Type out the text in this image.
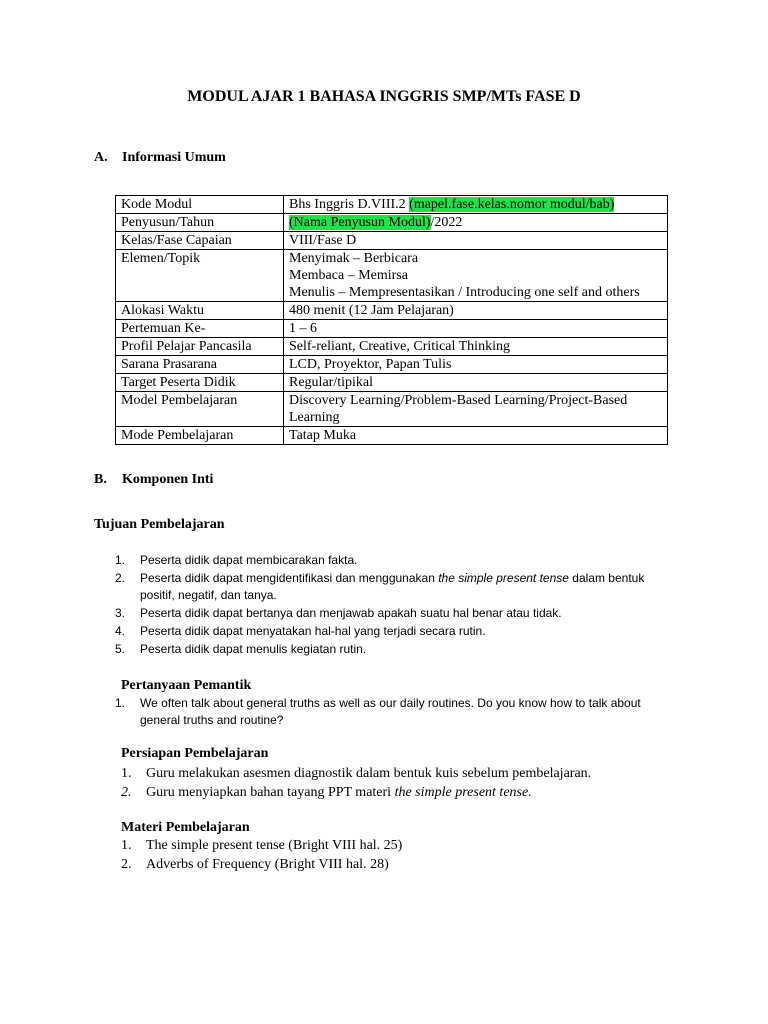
MODUL AJAR 1 BAHASA INGGRIS SMP/MTs FASE D
A. Informasi Umum
Kode Modul	Bhs Inggris D.VIII.2 (mapel.fase.kelas.nomor modul/bab)
Penyusun/Tahun	(Nama Penyusun Modul)/2022
Kelas/Fase Capaian	VIII/Fase D
Elemen/Topik	Menyimak – Berbicara
Membaca – Memirsa
Menulis – Mempresentasikan / Introducing one self and others

Alokasi Waktu	480 menit (12 Jam Pelajaran)
Pertemuan Ke-	1 – 6
Profil Pelajar Pancasila	Self-reliant, Creative, Critical Thinking
Sarana Prasarana	LCD, Proyektor, Papan Tulis
Target Peserta Didik	Regular/tipikal
Model Pembelajaran	Discovery Learning/Problem-Based Learning/Project-Based Learning
Mode Pembelajaran	Tatap Muka
B. Komponen Inti
Tujuan Pembelajaran
1. Peserta didik dapat membicarakan fakta.
2. Peserta didik dapat mengidentifikasi dan menggunakan the simple present tense dalam bentuk positif, negatif, dan tanya.
3. Peserta didik dapat bertanya dan menjawab apakah suatu hal benar atau tidak.
4. Peserta didik dapat menyatakan hal-hal yang terjadi secara rutin.
5. Peserta didik dapat menulis kegiatan rutin.
Pertanyaan Pemantik
1. We often talk about general truths as well as our daily routines. Do you know how to talk about general truths and routine?
Persiapan Pembelajaran
1. Guru melakukan asesmen diagnostik dalam bentuk kuis sebelum pembelajaran.
2. Guru menyiapkan bahan tayang PPT materi the simple present tense.
Materi Pembelajaran
1. The simple present tense (Bright VIII hal. 25)
2. Adverbs of Frequency (Bright VIII hal. 28)
